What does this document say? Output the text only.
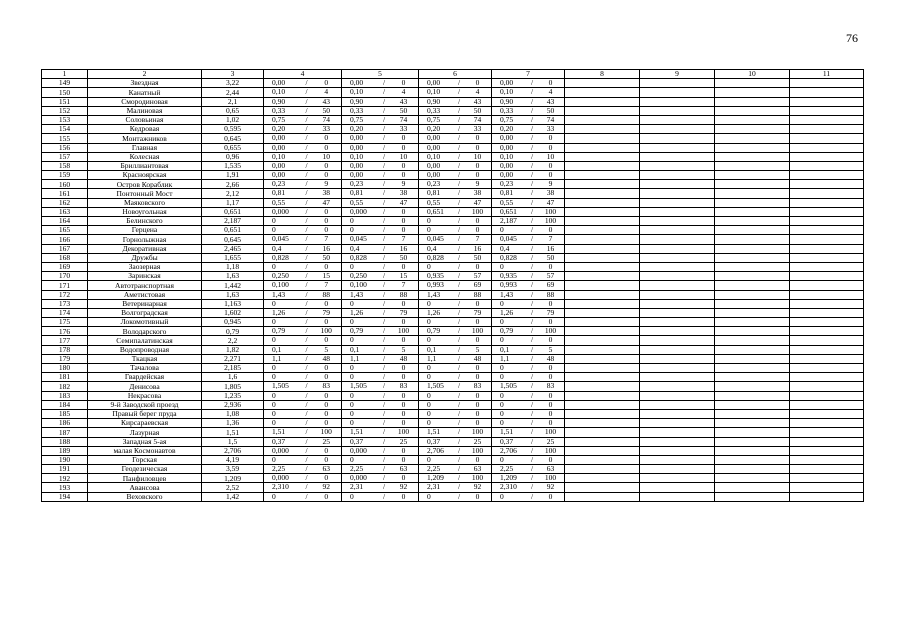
76
1	2	3	4	5	6	7	8	9	10	11
149	Звездная	3,22	0,00 / 0	0,00 / 0	0,00 / 0	0,00 / 0				

150	Канатный	2,44	0,10 / 4	0,10 / 4	0,10 / 4	0,10 / 4				

151	Смородиновая	2,1	0,90 / 43	0,90 / 43	0,90 / 43	0,90 / 43				

152	Малиновая	0,65	0,33 / 50	0,33 / 50	0,33 / 50	0,33 / 50				

153	Соловьиная	1,02	0,75 / 74	0,75 / 74	0,75 / 74	0,75 / 74				

154	Кедровая	0,595	0,20 / 33	0,20 / 33	0,20 / 33	0,20 / 33				

155	Монтажников	0,645	0,00 / 0	0,00 / 0	0,00 / 0	0,00 / 0				

156	Главная	0,655	0,00 / 0	0,00 / 0	0,00 / 0	0,00 / 0				

157	Колесная	0,96	0,10 / 10	0,10 / 10	0,10 / 10	0,10 / 10				

158	Бриллиантовая	1,535	0,00 / 0	0,00 / 0	0,00 / 0	0,00 / 0				

159	Красноярская	1,91	0,00 / 0	0,00 / 0	0,00 / 0	0,00 / 0				

160	Остров Кораблик	2,66	0,23 / 9	0,23 / 9	0,23 / 9	0,23 / 9				

161	Понтонный Мост	2,12	0,81 / 38	0,81 / 38	0,81 / 38	0,81 / 38				

162	Маяковского	1,17	0,55 / 47	0,55 / 47	0,55 / 47	0,55 / 47				

163	Новоугольная	0,651	0,000 / 0	0,000 / 0	0,651 / 100	0,651 / 100				

164	Белинского	2,187	0 / 0	0 / 0	0 / 0	2,187 / 100				

165	Герцена	0,651	0 / 0	0 / 0	0 / 0	0 / 0				

166	Горнолыжная	0,645	0,045 / 7	0,045 / 7	0,045 / 7	0,045 / 7				

167	Декоративная	2,465	0,4 / 16	0,4 / 16	0,4 / 16	0,4 / 16				

168	Дружбы	1,655	0,828 / 50	0,828 / 50	0,828 / 50	0,828 / 50				

169	Заозерная	1,18	0 / 0	0 / 0	0 / 0	0 / 0				

170	Заринская	1,63	0,250 / 15	0,250 / 15	0,935 / 57	0,935 / 57				

171	Автотранспортная	1,442	0,100 / 7	0,100 / 7	0,993 / 69	0,993 / 69				

172	Аметистовая	1,63	1,43 / 88	1,43 / 88	1,43 / 88	1,43 / 88				

173	Ветеринарная	1,163	0 / 0	0 / 0	0 / 0	0 / 0				

174	Волгоградская	1,602	1,26 / 79	1,26 / 79	1,26 / 79	1,26 / 79				

175	Локомотивный	0,945	0 / 0	0 / 0	0 / 0	0 / 0				

176	Володарского	0,79	0,79 / 100	0,79 / 100	0,79 / 100	0,79 / 100				

177	Семипалатинская	2,2	0 / 0	0 / 0	0 / 0	0 / 0				

178	Водопроводная	1,82	0,1 / 5	0,1 / 5	0,1 / 5	0,1 / 5				

179	Ткацкая	2,271	1,1 / 48	1,1 / 48	1,1 / 48	1,1 / 48				

180	Тачалова	2,185	0 / 0	0 / 0	0 / 0	0 / 0				

181	Гвардейская	1,6	0 / 0	0 / 0	0 / 0	0 / 0				

182	Денисова	1,805	1,505 / 83	1,505 / 83	1,505 / 83	1,505 / 83				

183	Некрасова	1,235	0 / 0	0 / 0	0 / 0	0 / 0				

184	9-й Заводской проезд	2,936	0 / 0	0 / 0	0 / 0	0 / 0				

185	Правый берег пруда	1,08	0 / 0	0 / 0	0 / 0	0 / 0				

186	Кирсараевская	1,36	0 / 0	0 / 0	0 / 0	0 / 0				

187	Лазурная	1,51	1,51 / 100	1,51 / 100	1,51 / 100	1,51 / 100				

188	Западная 5-ая	1,5	0,37 / 25	0,37 / 25	0,37 / 25	0,37 / 25				

189	малая Космонавтов	2,706	0,000 / 0	0,000 / 0	2,706 / 100	2,706 / 100				

190	Горская	4,19	0 / 0	0 / 0	0 / 0	0 / 0				

191	Геодезическая	3,59	2,25 / 63	2,25 / 63	2,25 / 63	2,25 / 63				

192	Панфиловцев	1,209	0,000 / 0	0,000 / 0	1,209 / 100	1,209 / 100				

193	Авансова	2,52	2,310 / 92	2,31 / 92	2,31 / 92	2,310 / 92				

194	Веховского	1,42	0 / 0	0 / 0	0 / 0	0 / 0				
